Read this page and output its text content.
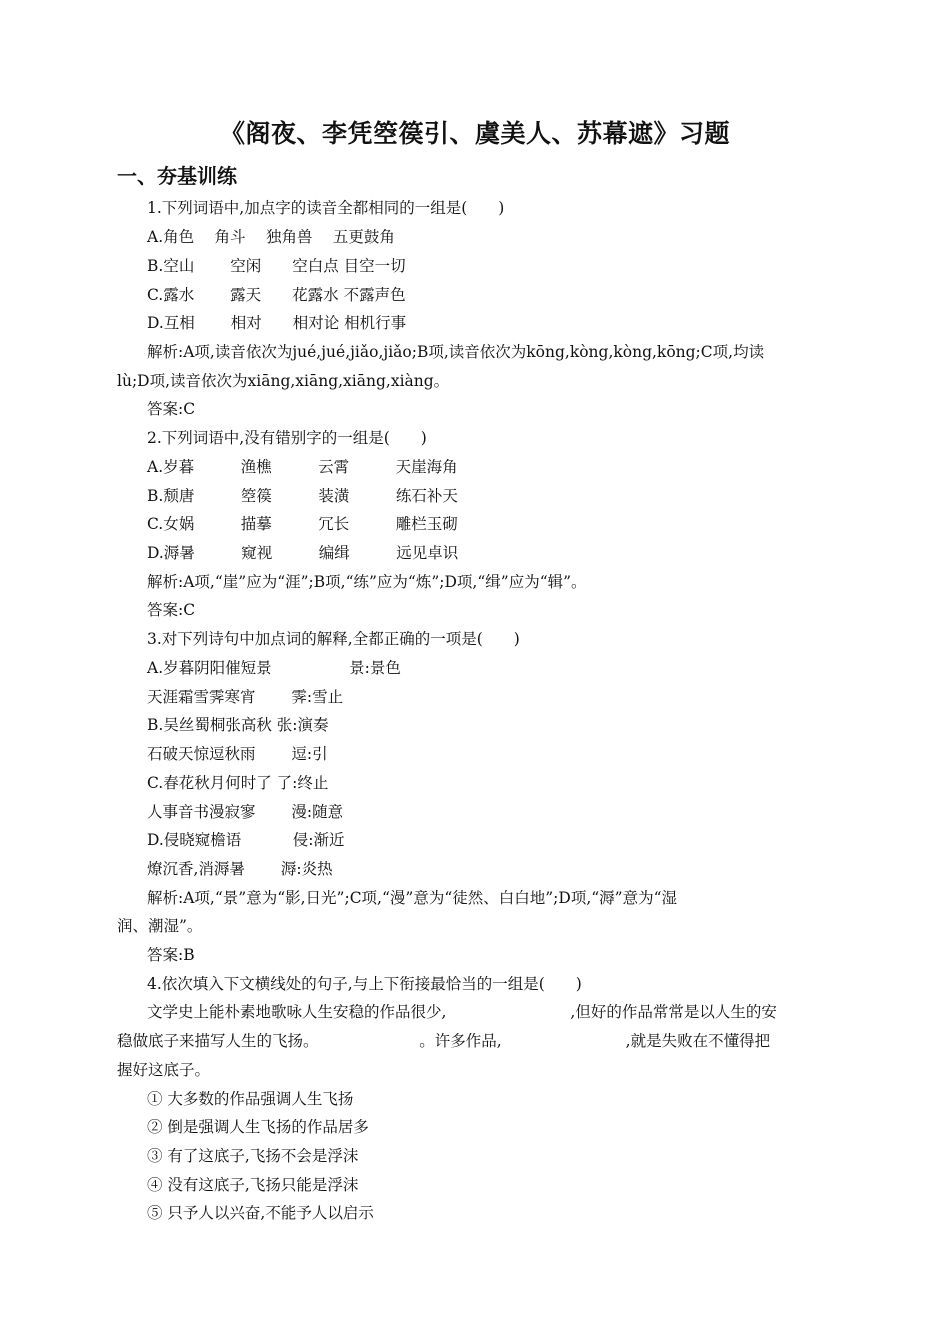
《阁夜、李凭箜篌引、虞美人、苏幕遮》习题
一、夯基训练
1.下列词语中,加点字的读音全都相同的一组是(　　)
A.角色　 角斗　 独角兽　 五更鼓角
B.空山　　 空闲　　空白点 目空一切
C.露水　　 露天　　花露水 不露声色
D.互相　　 相对　　相对论 相机行事
解析:A项,读音依次为jué,jué,jiǎo,jiǎo;B项,读音依次为kōng,kòng,kòng,kōng;C项,均读
lù;D项,读音依次为xiāng,xiāng,xiāng,xiàng。
答案:C
2.下列词语中,没有错别字的一组是(　　)
A.岁暮　　　渔樵　　　云霄　　　天崖海角
B.颓唐　　　箜篌　　　装潢　　　练石补天
C.女娲　　　描摹　　　冗长　　　雕栏玉砌
D.溽暑　　　窥视　　　编缉　　　远见卓识
解析:A项,“崖”应为“涯”;B项,“练”应为“炼”;D项,“缉”应为“辑”。
答案:C
3.对下列诗句中加点词的解释,全都正确的一项是(　　)
A.岁暮阴阳催短景　　　　　景:景色
天涯霜雪霁寒宵　　 霁:雪止
B.吴丝蜀桐张高秋 张:演奏
石破天惊逗秋雨　　 逗:引
C.春花秋月何时了 了:终止
人事音书漫寂寥　　 漫:随意
D.侵晓窥檐语　　　 侵:渐近
燎沉香,消溽暑　　 溽:炎热
解析:A项,“景”意为“影,日光”;C项,“漫”意为“徒然、白白地”;D项,“溽”意为“湿
润、潮湿”。
答案:B
4.依次填入下文横线处的句子,与上下衔接最恰当的一组是(　　)
文学史上能朴素地歌咏人生安稳的作品很少,　　　　　　　　,但好的作品常常是以人生的安
稳做底子来描写人生的飞扬。　　　　　　　。许多作品,　　　　　　　　,就是失败在不懂得把
握好这底子。
① 大多数的作品强调人生飞扬
② 倒是强调人生飞扬的作品居多
③ 有了这底子,飞扬不会是浮沫
④ 没有这底子,飞扬只能是浮沫
⑤ 只予人以兴奋,不能予人以启示
